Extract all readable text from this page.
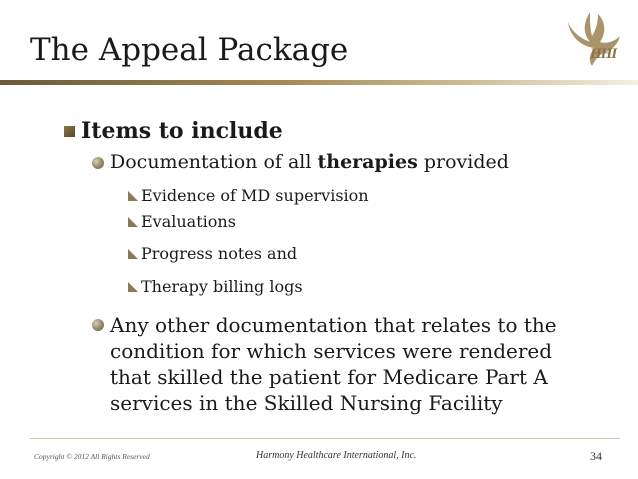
The Appeal Package	HHI
Items to include
Documentation of all therapies provided
Evidence of MD supervision
Evaluations
Progress notes and
Therapy billing logs
Any other documentation that relates to the
condition for which services were rendered
that skilled the patient for Medicare Part A
services in the Skilled Nursing Facility
Copyright © 2012 All Rights Reserved	Harmony Healthcare International, Inc.	34
